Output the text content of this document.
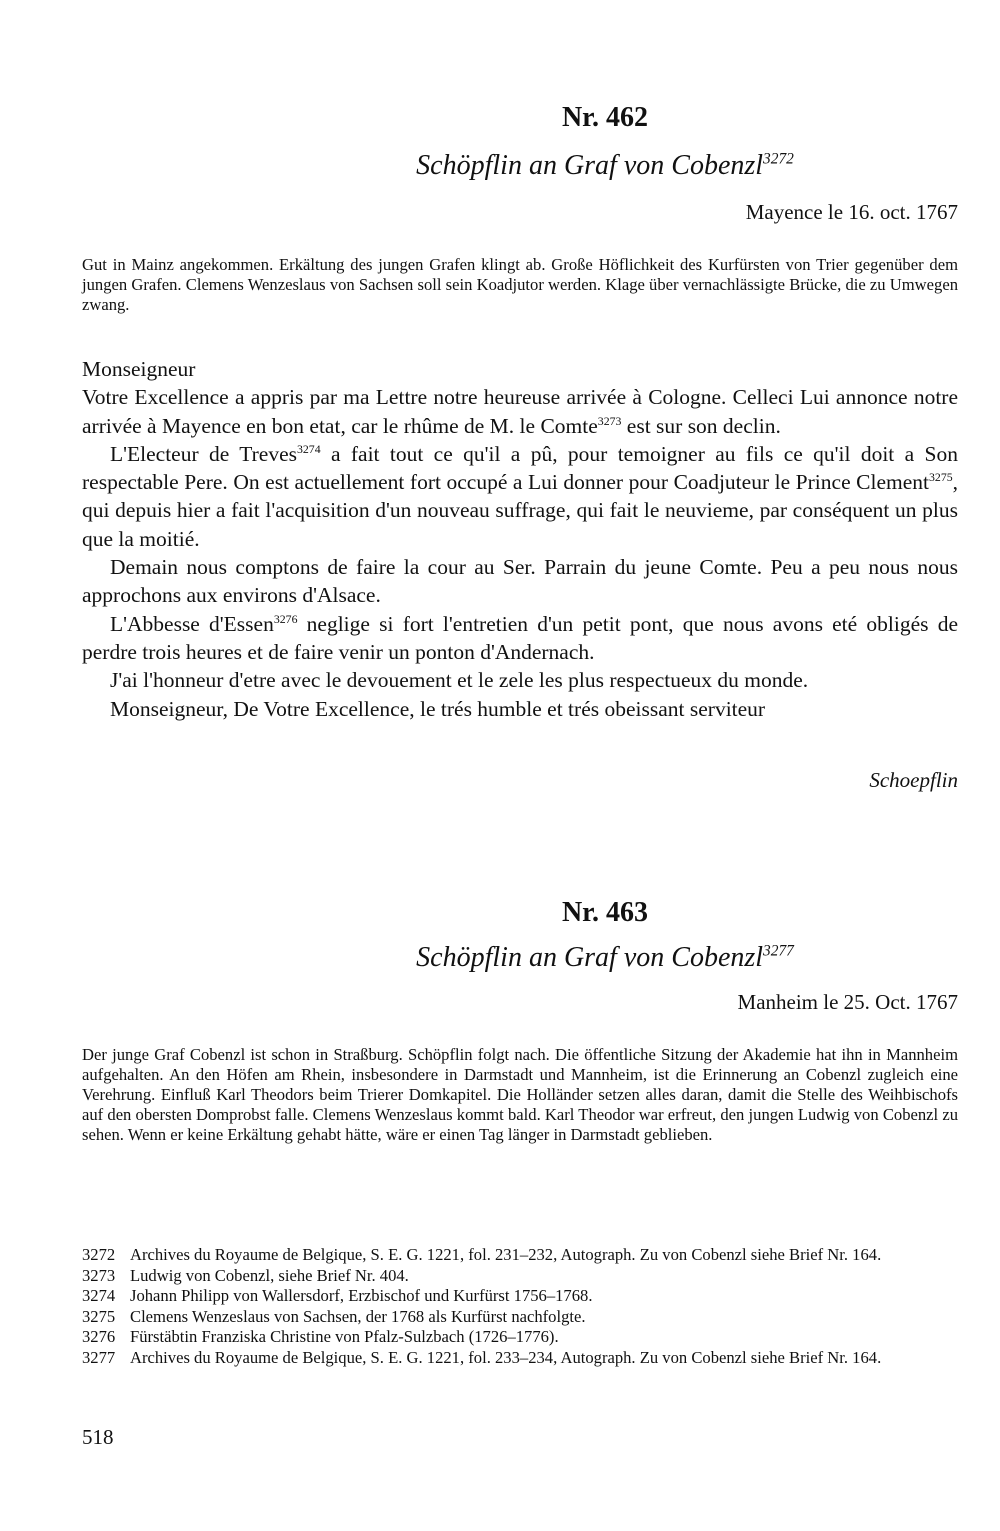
Nr. 462
Schöpflin an Graf von Cobenzl$^{3272}$
Mayence le 16. oct. 1767
Gut in Mainz angekommen. Erkältung des jungen Grafen klingt ab. Große Höflichkeit des Kurfürsten von Trier gegenüber dem jungen Grafen. Clemens Wenzeslaus von Sachsen soll sein Koadjutor werden. Klage über vernachlässigte Brücke, die zu Umwegen zwang.

Monseigneur

Votre Excellence a appris par ma Lettre notre heureuse arrivée à Cologne. Celleci Lui annonce notre arrivée à Mayence en bon etat, car le rhûme de M. le Comte$^{3273}$ est sur son declin.

L'Electeur de Treves$^{3274}$ a fait tout ce qu'il a pû, pour temoigner au fils ce qu'il doit a Son respectable Pere. On est actuellement fort occupé a Lui donner pour Coadjuteur le Prince Clement$^{3275}$, qui depuis hier a fait l'acquisition d'un nouveau suffrage, qui fait le neuvieme, par conséquent un plus que la moitié.

Demain nous comptons de faire la cour au Ser. Parrain du jeune Comte. Peu a peu nous nous approchons aux environs d'Alsace.

L'Abbesse d'Essen$^{3276}$ neglige si fort l'entretien d'un petit pont, que nous avons eté obligés de perdre trois heures et de faire venir un ponton d'Andernach.

J'ai l'honneur d'etre avec le devouement et le zele les plus respectueux du monde.

Monseigneur, De Votre Excellence, le trés humble et trés obeissant serviteur

Schoepflin
Nr. 463
Schöpflin an Graf von Cobenzl$^{3277}$
Manheim le 25. Oct. 1767
Der junge Graf Cobenzl ist schon in Straßburg. Schöpflin folgt nach. Die öffentliche Sitzung der Akademie hat ihn in Mannheim aufgehalten. An den Höfen am Rhein, insbesondere in Darmstadt und Mannheim, ist die Erinnerung an Cobenzl zugleich eine Verehrung. Einfluß Karl Theodors beim Trierer Domkapitel. Die Holländer setzen alles daran, damit die Stelle des Weihbischofs auf den obersten Domprobst falle. Clemens Wenzeslaus kommt bald. Karl Theodor war erfreut, den jungen Ludwig von Cobenzl zu sehen. Wenn er keine Erkältung gehabt hätte, wäre er einen Tag länger in Darmstadt geblieben.
3272 Archives du Royaume de Belgique, S. E. G. 1221, fol. 231–232, Autograph. Zu von Cobenzl siehe Brief Nr. 164.
3273 Ludwig von Cobenzl, siehe Brief Nr. 404.
3274 Johann Philipp von Wallersdorf, Erzbischof und Kurfürst 1756–1768.
3275 Clemens Wenzeslaus von Sachsen, der 1768 als Kurfürst nachfolgte.
3276 Fürstäbtin Franziska Christine von Pfalz-Sulzbach (1726–1776).
3277 Archives du Royaume de Belgique, S. E. G. 1221, fol. 233–234, Autograph. Zu von Cobenzl siehe Brief Nr. 164.
518
